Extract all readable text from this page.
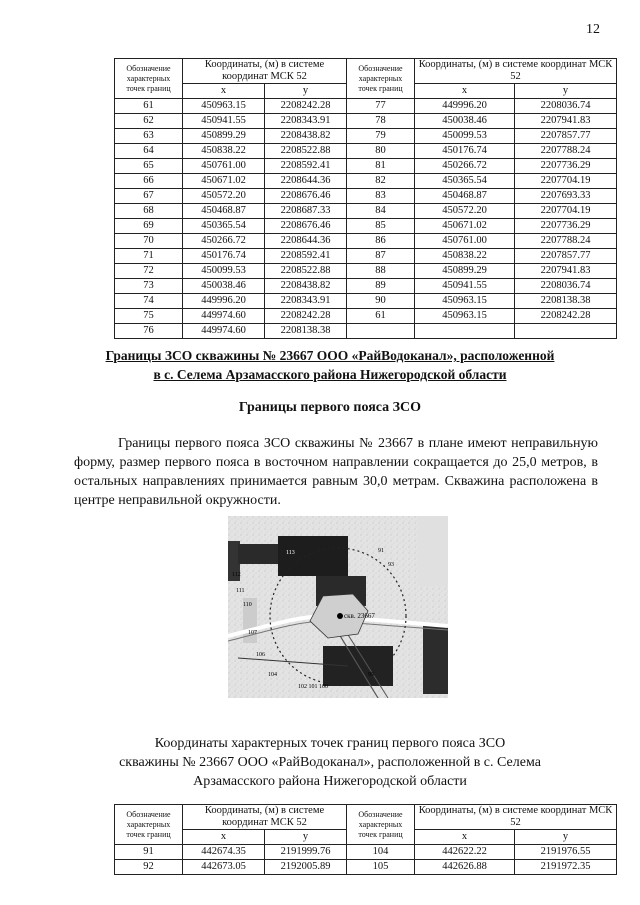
12
Обозначение характерных точек границ	Координаты, (м) в системе координат МСК 52		Обозначение характерных точек границ	Координаты, (м) в системе координат МСК 52	
	x	y		x	y
61	450963.15	2208242.28	77	449996.20	2208036.74
62	450941.55	2208343.91	78	450038.46	2207941.83
63	450899.29	2208438.82	79	450099.53	2207857.77
64	450838.22	2208522.88	80	450176.74	2207788.24
65	450761.00	2208592.41	81	450266.72	2207736.29
66	450671.02	2208644.36	82	450365.54	2207704.19
67	450572.20	2208676.46	83	450468.87	2207693.33
68	450468.87	2208687.33	84	450572.20	2207704.19
69	450365.54	2208676.46	85	450671.02	2207736.29
70	450266.72	2208644.36	86	450761.00	2207788.24
71	450176.74	2208592.41	87	450838.22	2207857.77
72	450099.53	2208522.88	88	450899.29	2207941.83
73	450038.46	2208438.82	89	450941.55	2208036.74
74	449996.20	2208343.91	90	450963.15	2208138.38
75	449974.60	2208242.28	61	450963.15	2208242.28
76	449974.60	2208138.38			
Границы ЗСО скважины № 23667 ООО «РайВодоканал», расположенной
в с. Селема Арзамасского района Нижегородской области
Границы первого пояса ЗСО
Границы первого пояса ЗСО скважины № 23667 в плане имеют неправильную форму, размер первого пояса в восточном направлении сокращается до 25,0 метров, в остальных направлениях принимается равным 30,0 метрам. Скважина расположена в центре неправильной окружности.
скв. 23667
113
112
111
110
107
106
104
102 101 100
95
93
91
Координаты характерных точек границ первого пояса ЗСО
скважины № 23667 ООО «РайВодоканал», расположенной в с. Селема
Арзамасского района Нижегородской области
Обозначение характерных точек границ	Координаты, (м) в системе координат МСК 52		Обозначение характерных точек границ	Координаты, (м) в системе координат МСК 52	
	x	y		x	y
91	442674.35	2191999.76	104	442622.22	2191976.55
92	442673.05	2192005.89	105	442626.88	2191972.35
